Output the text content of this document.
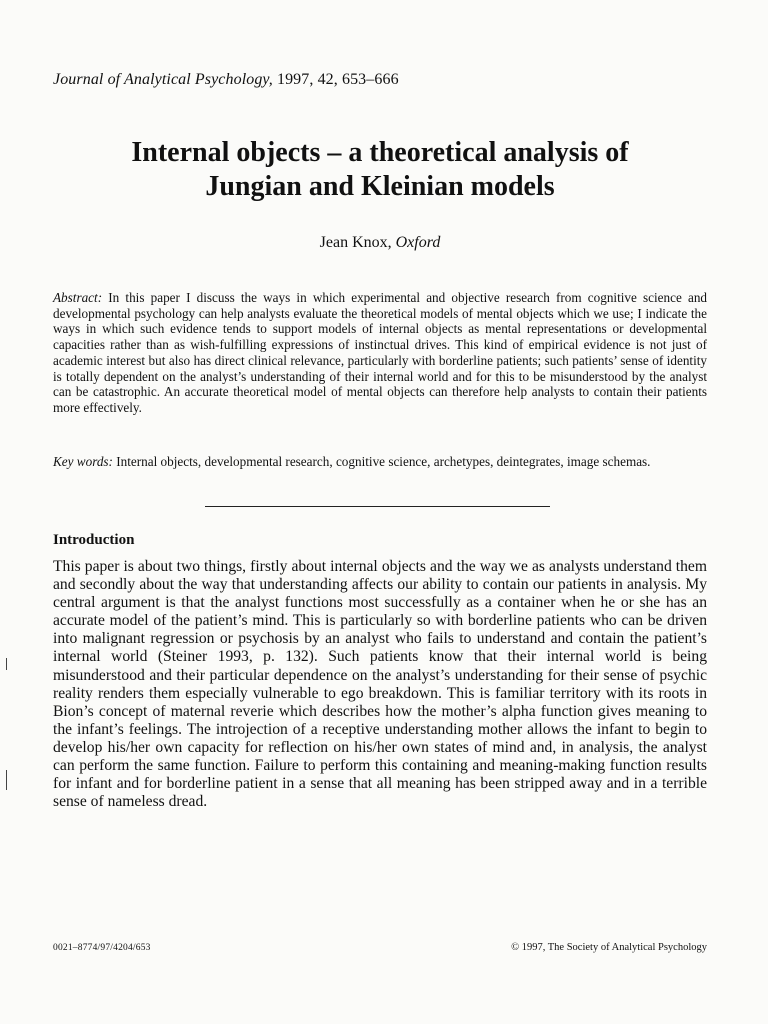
Journal of Analytical Psychology, 1997, 42, 653–666
Internal objects – a theoretical analysis of
Jungian and Kleinian models
Jean Knox, Oxford
Abstract: In this paper I discuss the ways in which experimental and objective research from cognitive science and developmental psychology can help analysts evaluate the theoretical models of mental objects which we use; I indicate the ways in which such evidence tends to support models of internal objects as mental representations or developmental capacities rather than as wish-fulfilling expressions of instinctual drives. This kind of empirical evidence is not just of academic interest but also has direct clinical relevance, particularly with borderline patients; such patients’ sense of identity is totally dependent on the analyst’s understanding of their internal world and for this to be misunderstood by the analyst can be catastrophic. An accurate theoretical model of mental objects can therefore help analysts to contain their patients more effectively.
Key words: Internal objects, developmental research, cognitive science, archetypes, deintegrates, image schemas.
Introduction
This paper is about two things, firstly about internal objects and the way we as analysts understand them and secondly about the way that understanding affects our ability to contain our patients in analysis. My central argument is that the analyst functions most successfully as a container when he or she has an accurate model of the patient’s mind. This is particularly so with borderline patients who can be driven into malignant regression or psychosis by an analyst who fails to understand and contain the patient’s internal world (Steiner 1993, p. 132). Such patients know that their internal world is being misunderstood and their particular dependence on the analyst’s understanding for their sense of psychic reality renders them especially vulnerable to ego breakdown. This is familiar territory with its roots in Bion’s concept of maternal reverie which describes how the mother’s alpha function gives meaning to the infant’s feelings. The introjection of a receptive understanding mother allows the infant to begin to develop his/her own capacity for reflection on his/her own states of mind and, in analysis, the analyst can perform the same function. Failure to perform this containing and meaning-making function results for infant and for borderline patient in a sense that all meaning has been stripped away and in a terrible sense of nameless dread.
0021–8774/97/4204/653	© 1997, The Society of Analytical Psychology
